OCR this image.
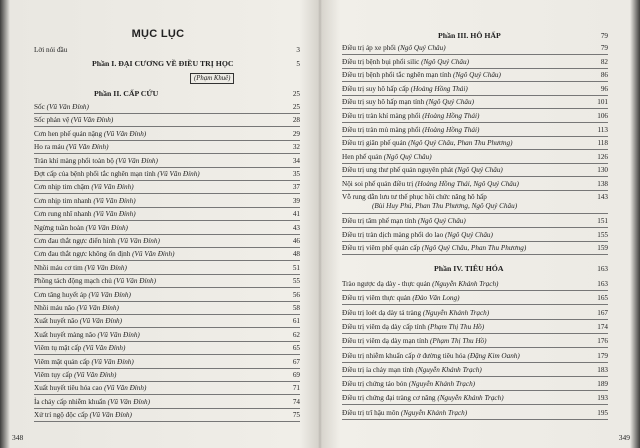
MỤC LỤC
Lời nói đầu	3
Phần I. ĐẠI CƯƠNG VỀ ĐIỀU TRỊ HỌC	5
(Phạm Khuê)
Phần II. CẤP CỨU	25
Sốc (Vũ Văn Đính)	25
Sốc phản vệ (Vũ Văn Đính)	28
Cơn hen phế quản nặng (Vũ Văn Đính)	29
Ho ra máu (Vũ Văn Đính)	32
Tràn khí màng phổi toàn bộ (Vũ Văn Đính)	34
Đợt cấp của bệnh phổi tắc nghẽn mạn tính (Vũ Văn Đính)	35
Cơn nhịp tim chậm (Vũ Văn Đính)	37
Cơn nhịp tim nhanh (Vũ Văn Đính)	39
Cơn rung nhĩ nhanh (Vũ Văn Đính)	41
Ngừng tuần hoàn (Vũ Văn Đính)	43
Cơn đau thắt ngực điển hình (Vũ Văn Đính)	46
Cơn đau thắt ngực không ổn định (Vũ Văn Đính)	48
Nhồi máu cơ tim (Vũ Văn Đính)	51
Phồng tách động mạch chủ (Vũ Văn Đính)	55
Cơn tăng huyết áp (Vũ Văn Đính)	56
Nhồi máu não (Vũ Văn Đính)	58
Xuất huyết não (Vũ Văn Đính)	61
Xuất huyết màng não (Vũ Văn Đính)	62
Viêm tụ mật cấp (Vũ Văn Đính)	65
Viêm mật quản cấp (Vũ Văn Đính)	67
Viêm tụy cấp (Vũ Văn Đính)	69
Xuất huyết tiêu hóa cao (Vũ Văn Đính)	71
Ỉa chảy cấp nhiễm khuẩn (Vũ Văn Đính)	74
Xử trí ngộ độc cấp (Vũ Văn Đính)	75
348
Phần III. HÔ HẤP	79
Điều trị áp xe phổi (Ngô Quý Châu)	79
Điều trị bệnh bụi phổi silic (Ngô Quý Châu)	82
Điều trị bệnh phổi tắc nghẽn mạn tính (Ngô Quý Châu)	86
Điều trị suy hô hấp cấp (Hoàng Hồng Thái)	96
Điều trị suy hô hấp mạn tính (Ngô Quý Châu)	101
Điều trị tràn khí màng phổi (Hoàng Hồng Thái)	106
Điều trị tràn mủ màng phổi (Hoàng Hồng Thái)	113
Điều trị giãn phế quản (Ngô Quý Châu, Phan Thu Phương)	118
Hen phế quản (Ngô Quý Châu)	126
Điều trị ung thư phế quản nguyên phát (Ngô Quý Châu)	130
Nội soi phế quản điều trị (Hoàng Hồng Thái, Ngô Quý Châu)	138
Vỗ rung dẫn lưu tư thế phục hồi chức năng hô hấp
(Bùi Huy Phú, Phan Thu Phương, Ngô Quý Châu)
143
Điều trị tâm phế mạn tính (Ngô Quý Châu)	151
Điều trị tràn dịch màng phổi do lao (Ngô Quý Châu)	155
Điều trị viêm phế quản cấp (Ngô Quý Châu, Phan Thu Phương)	159
Phần IV. TIÊU HÓA	163
Trào ngược dạ dày - thực quản (Nguyễn Khánh Trạch)	163
Điều trị viêm thực quản (Đào Văn Long)	165
Điều trị loét dạ dày tá tràng (Nguyễn Khánh Trạch)	167
Điều trị viêm dạ dày cấp tính (Phạm Thị Thu Hồ)	174
Điều trị viêm dạ dày mạn tính (Phạm Thị Thu Hồ)	176
Điều trị nhiễm khuẩn cấp ở đường tiêu hóa (Đặng Kim Oanh)	179
Điều trị ỉa chảy mạn tính (Nguyễn Khánh Trạch)	183
Điều trị chứng táo bón (Nguyễn Khánh Trạch)	189
Điều trị chứng đại tràng cơ năng (Nguyễn Khánh Trạch)	193
Điều trị trĩ hậu môn (Nguyễn Khánh Trạch)	195
349
